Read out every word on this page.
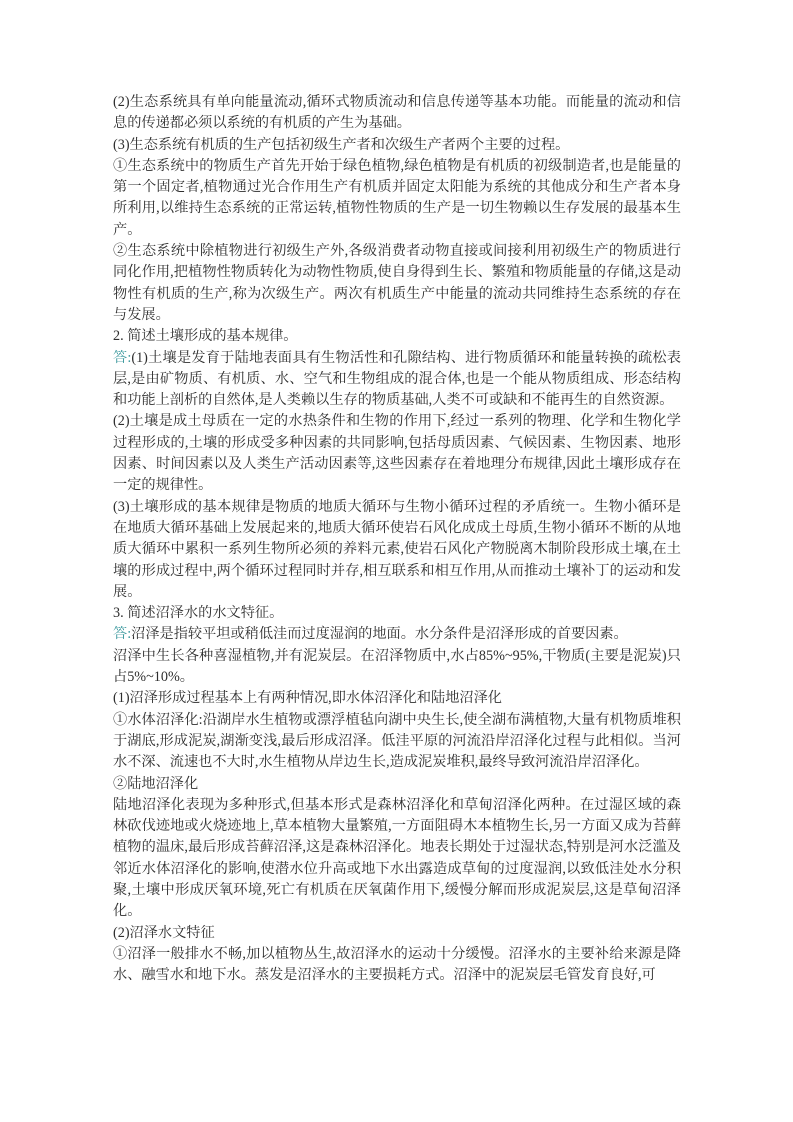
(2)生态系统具有单向能量流动,循环式物质流动和信息传递等基本功能。而能量的流动和信息的传递都必须以系统的有机质的产生为基础。

(3)生态系统有机质的生产包括初级生产者和次级生产者两个主要的过程。

①生态系统中的物质生产首先开始于绿色植物,绿色植物是有机质的初级制造者,也是能量的第一个固定者,植物通过光合作用生产有机质并固定太阳能为系统的其他成分和生产者本身所利用,以维持生态系统的正常运转,植物性物质的生产是一切生物赖以生存发展的最基本生产。

②生态系统中除植物进行初级生产外,各级消费者动物直接或间接利用初级生产的物质进行同化作用,把植物性物质转化为动物性物质,使自身得到生长、繁殖和物质能量的存储,这是动物性有机质的生产,称为次级生产。两次有机质生产中能量的流动共同维持生态系统的存在与发展。

2. 简述土壤形成的基本规律。

答:(1)土壤是发育于陆地表面具有生物活性和孔隙结构、进行物质循环和能量转换的疏松表层,是由矿物质、有机质、水、空气和生物组成的混合体,也是一个能从物质组成、形态结构和功能上剖析的自然体,是人类赖以生存的物质基础,人类不可或缺和不能再生的自然资源。

(2)土壤是成土母质在一定的水热条件和生物的作用下,经过一系列的物理、化学和生物化学过程形成的,土壤的形成受多种因素的共同影响,包括母质因素、气候因素、生物因素、地形因素、时间因素以及人类生产活动因素等,这些因素存在着地理分布规律,因此土壤形成存在一定的规律性。

(3)土壤形成的基本规律是物质的地质大循环与生物小循环过程的矛盾统一。生物小循环是在地质大循环基础上发展起来的,地质大循环使岩石风化成成土母质,生物小循环不断的从地质大循环中累积一系列生物所必须的养料元素,使岩石风化产物脱离木制阶段形成土壤,在土壤的形成过程中,两个循环过程同时并存,相互联系和相互作用,从而推动土壤补丁的运动和发展。

3. 简述沼泽水的水文特征。

答:沼泽是指较平坦或稍低洼而过度湿润的地面。水分条件是沼泽形成的首要因素。

沼泽中生长各种喜湿植物,并有泥炭层。在沼泽物质中,水占85%~95%,干物质(主要是泥炭)只占5%~10%。

(1)沼泽形成过程基本上有两种情况,即水体沼泽化和陆地沼泽化

①水体沼泽化:沿湖岸水生植物或漂浮植毡向湖中央生长,使全湖布满植物,大量有机物质堆积于湖底,形成泥炭,湖渐变浅,最后形成沼泽。低洼平原的河流沿岸沼泽化过程与此相似。当河水不深、流速也不大时,水生植物从岸边生长,造成泥炭堆积,最终导致河流沿岸沼泽化。

②陆地沼泽化

陆地沼泽化表现为多种形式,但基本形式是森林沼泽化和草甸沼泽化两种。在过湿区域的森林砍伐迹地或火烧迹地上,草本植物大量繁殖,一方面阻碍木本植物生长,另一方面又成为苔藓植物的温床,最后形成苔藓沼泽,这是森林沼泽化。地表长期处于过湿状态,特别是河水泛滥及邻近水体沼泽化的影响,使潜水位升高或地下水出露造成草甸的过度湿润,以致低洼处水分积聚,土壤中形成厌氧环境,死亡有机质在厌氧菌作用下,缓慢分解而形成泥炭层,这是草甸沼泽化。

(2)沼泽水文特征

①沼泽一般排水不畅,加以植物丛生,故沼泽水的运动十分缓慢。沼泽水的主要补给来源是降水、融雪水和地下水。蒸发是沼泽水的主要损耗方式。沼泽中的泥炭层毛管发育良好,可
